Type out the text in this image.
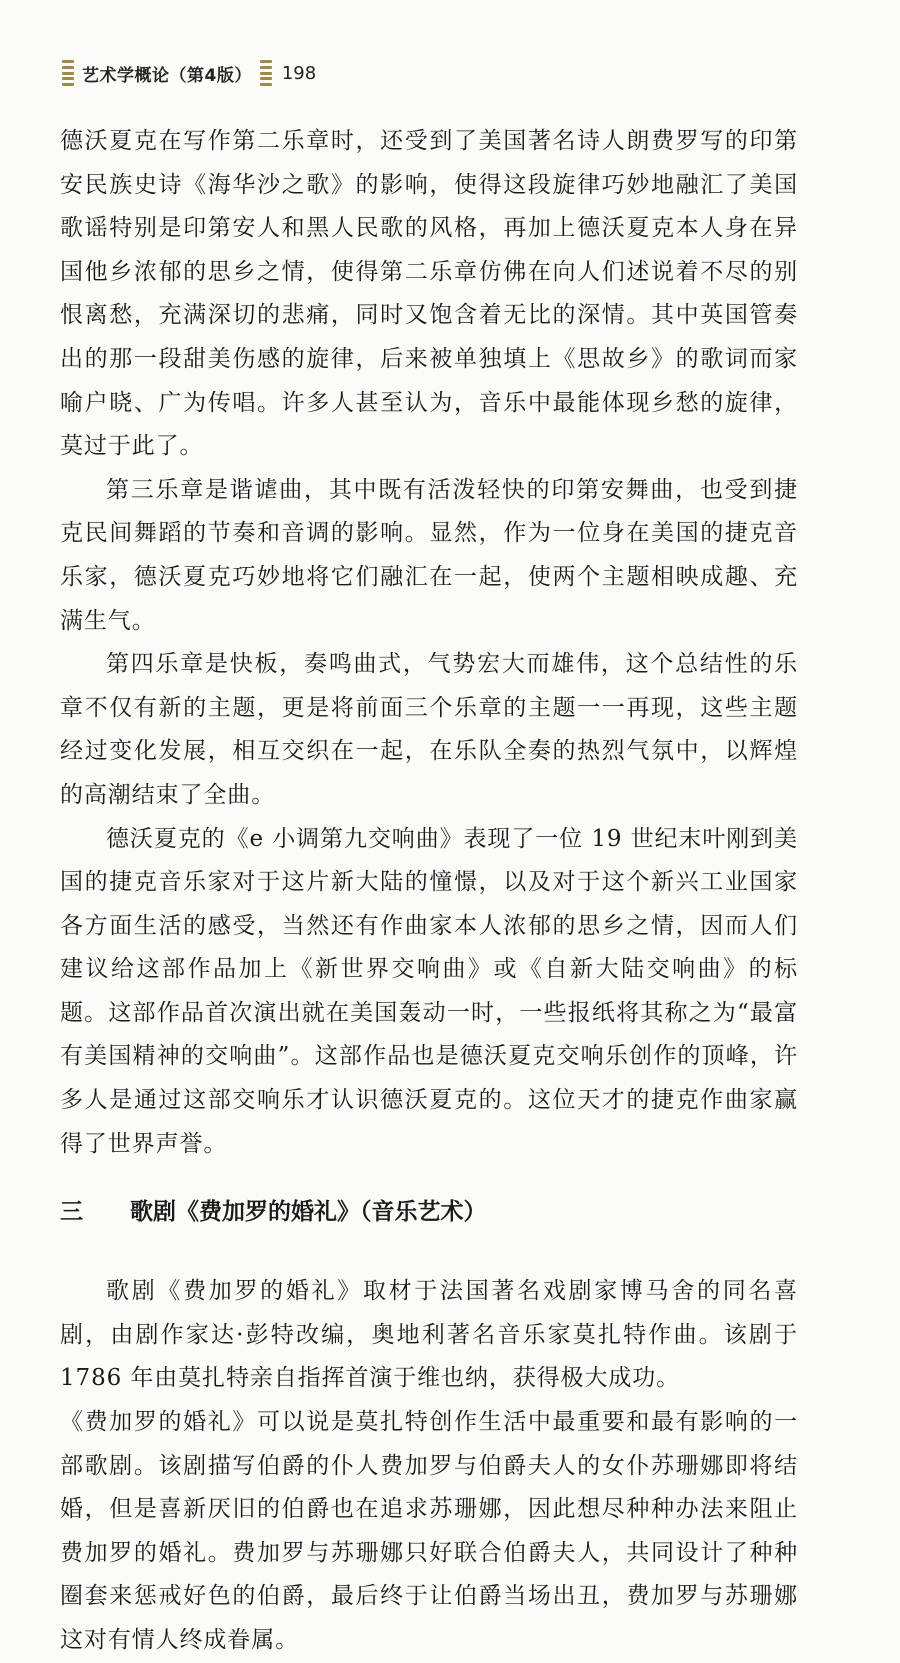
艺术学概论（第4版） 198

德沃夏克在写作第二乐章时，还受到了美国著名诗人朗费罗写的印第安民族史诗《海华沙之歌》的影响，使得这段旋律巧妙地融汇了美国歌谣特别是印第安人和黑人民歌的风格，再加上德沃夏克本人身在异国他乡浓郁的思乡之情，使得第二乐章仿佛在向人们述说着不尽的别恨离愁，充满深切的悲痛，同时又饱含着无比的深情。其中英国管奏出的那一段甜美伤感的旋律，后来被单独填上《思故乡》的歌词而家喻户晓、广为传唱。许多人甚至认为，音乐中最能体现乡愁的旋律，莫过于此了。

第三乐章是谐谑曲，其中既有活泼轻快的印第安舞曲，也受到捷克民间舞蹈的节奏和音调的影响。显然，作为一位身在美国的捷克音乐家，德沃夏克巧妙地将它们融汇在一起，使两个主题相映成趣、充满生气。

第四乐章是快板，奏鸣曲式，气势宏大而雄伟，这个总结性的乐章不仅有新的主题，更是将前面三个乐章的主题一一再现，这些主题经过变化发展，相互交织在一起，在乐队全奏的热烈气氛中，以辉煌的高潮结束了全曲。

德沃夏克的《e 小调第九交响曲》表现了一位 19 世纪末叶刚到美国的捷克音乐家对于这片新大陆的憧憬，以及对于这个新兴工业国家各方面生活的感受，当然还有作曲家本人浓郁的思乡之情，因而人们建议给这部作品加上《新世界交响曲》或《自新大陆交响曲》的标题。这部作品首次演出就在美国轰动一时，一些报纸将其称之为“最富有美国精神的交响曲”。这部作品也是德沃夏克交响乐创作的顶峰，许多人是通过这部交响乐才认识德沃夏克的。这位天才的捷克作曲家赢得了世界声誉。

三	歌剧《费加罗的婚礼》（音乐艺术）

歌剧《费加罗的婚礼》取材于法国著名戏剧家博马舍的同名喜剧，由剧作家达·彭特改编，奥地利著名音乐家莫扎特作曲。该剧于 1786 年由莫扎特亲自指挥首演于维也纳，获得极大成功。

《费加罗的婚礼》可以说是莫扎特创作生活中最重要和最有影响的一部歌剧。该剧描写伯爵的仆人费加罗与伯爵夫人的女仆苏珊娜即将结婚，但是喜新厌旧的伯爵也在追求苏珊娜，因此想尽种种办法来阻止费加罗的婚礼。费加罗与苏珊娜只好联合伯爵夫人，共同设计了种种圈套来惩戒好色的伯爵，最后终于让伯爵当场出丑，费加罗与苏珊娜这对有情人终成眷属。
